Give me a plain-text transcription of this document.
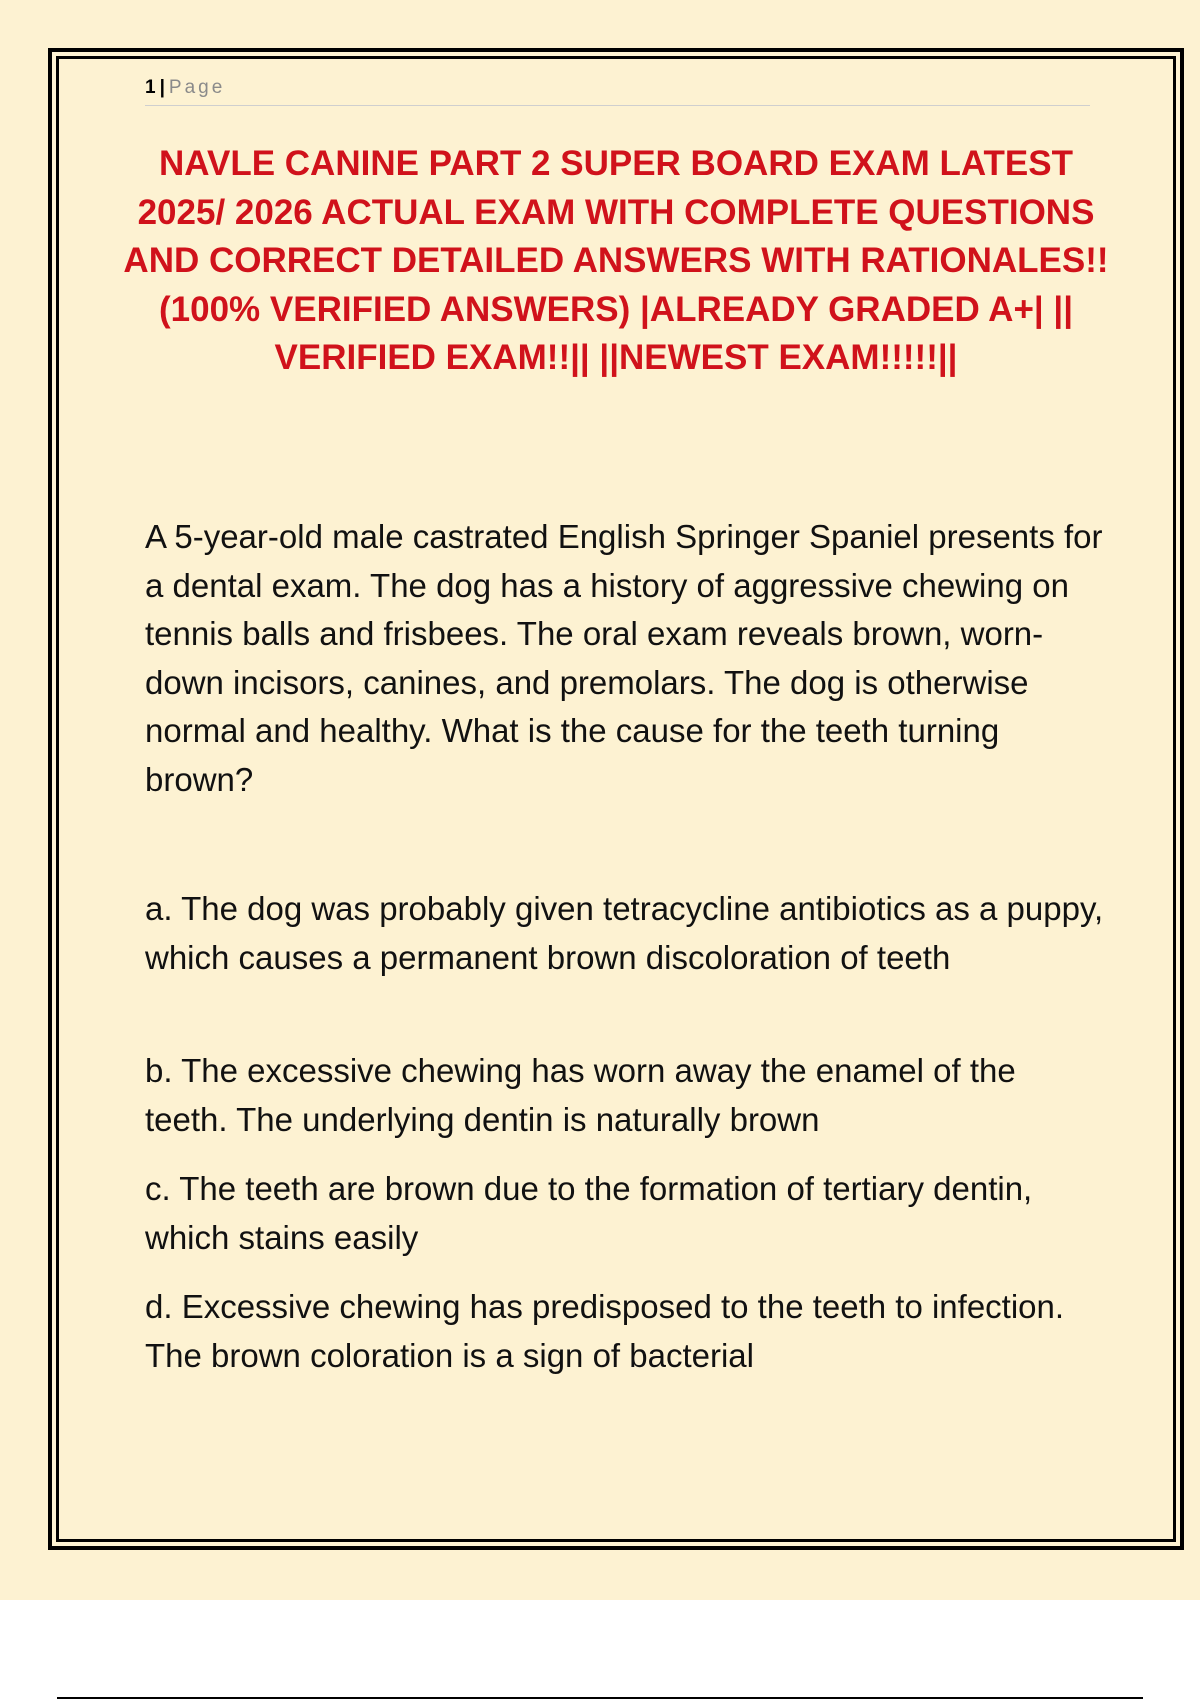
1 | Page
NAVLE CANINE PART 2 SUPER BOARD EXAM LATEST 2025/ 2026 ACTUAL EXAM WITH COMPLETE QUESTIONS AND CORRECT DETAILED ANSWERS WITH RATIONALES!! (100% VERIFIED ANSWERS) |ALREADY GRADED A+| || VERIFIED EXAM!!|| ||NEWEST EXAM!!!!!||

A 5-year-old male castrated English Springer Spaniel presents for a dental exam. The dog has a history of aggressive chewing on tennis balls and frisbees. The oral exam reveals brown, worn-down incisors, canines, and premolars. The dog is otherwise normal and healthy. What is the cause for the teeth turning brown?

a. The dog was probably given tetracycline antibiotics as a puppy, which causes a permanent brown discoloration of teeth

b. The excessive chewing has worn away the enamel of the teeth. The underlying dentin is naturally brown

c. The teeth are brown due to the formation of tertiary dentin, which stains easily

d. Excessive chewing has predisposed to the teeth to infection. The brown coloration is a sign of bacterial
